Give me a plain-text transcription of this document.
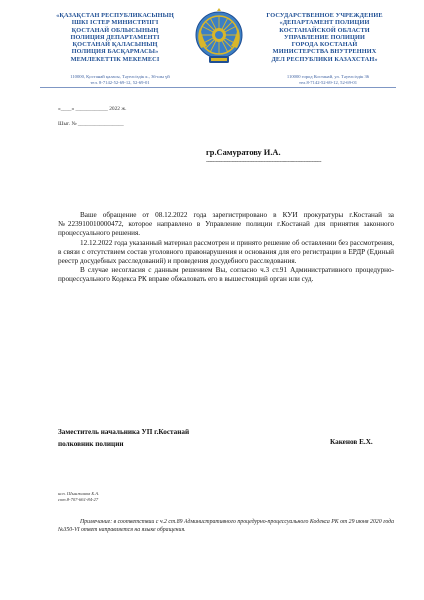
«ҚАЗАҚСТАН РЕСПУБЛИКАСЫНЫҢ
ІШКІ ІСТЕР МИНИСТРЛІГІ
ҚОСТАНАЙ ОБЛЫСЫНЫҢ
ПОЛИЦИЯ ДЕПАРТАМЕНТІ
ҚОСТАНАЙ ҚАЛАСЫНЫҢ
ПОЛИЦИЯ БАСҚАРМАСЫ»
МЕМЛЕКЕТТІК МЕКЕМЕСІ
ГОСУДАРСТВЕННОЕ УЧРЕЖДЕНИЕ
«ДЕПАРТАМЕНТ ПОЛИЦИИ
КОСТАНАЙСКОЙ ОБЛАСТИ
УПРАВЛЕНИЕ ПОЛИЦИИ
ГОРОДА КОСТАНАЙ
МИНИСТЕРСТВА ВНУТРЕННИХ
ДЕЛ РЕСПУБЛИКИ КАЗАХСТАН»
110000, Қостанай қаласы, Тәуелсіздік к., 36-шы үй
тел. 8-7142-52-69-12, 52-69-01
110000 город Костанай, ул. Тәуелсіздік 36
тел.8-7142-52-69-12, 52-69-01
«____» ____________ 2022 ж.
Шыг. № _________________
гр.Самуратову И.А.
------------------------------------------------------------------------

Ваше обращение от 08.12.2022 года зарегистрировано в КУИ прокуратуры г.Костанай за №223910010000472, которое направлено в Управление полиции г.Костанай для принятия законного процессуального решения.

12.12.2022 года указанный материал рассмотрен и принято решение об оставлении без рассмотрения, в связи с отсутствием состав уголовного правонарушения и основания для его регистрации в ЕРДР (Единый реестр досудебных расследований) и проведения досудебного расследования.

В случае несогласия с данным решением Вы, согласно ч.3 ст.91 Административного процедурно-процессуального Кодекса РК вправе обжаловать его в вышестоящий орган или суд.

Заместитель начальника УП г.Костанай
полковник полиции	Какенов Е.Х.
исп. Шынжанов Б.А.
сот.8-707-661-84-27
Примечание: в соответствии с ч.2 ст.89 Административного процедурно-процессуального Кодекса РК от 29 июня 2020 года №350-VI ответ направляется на языке обращения.
